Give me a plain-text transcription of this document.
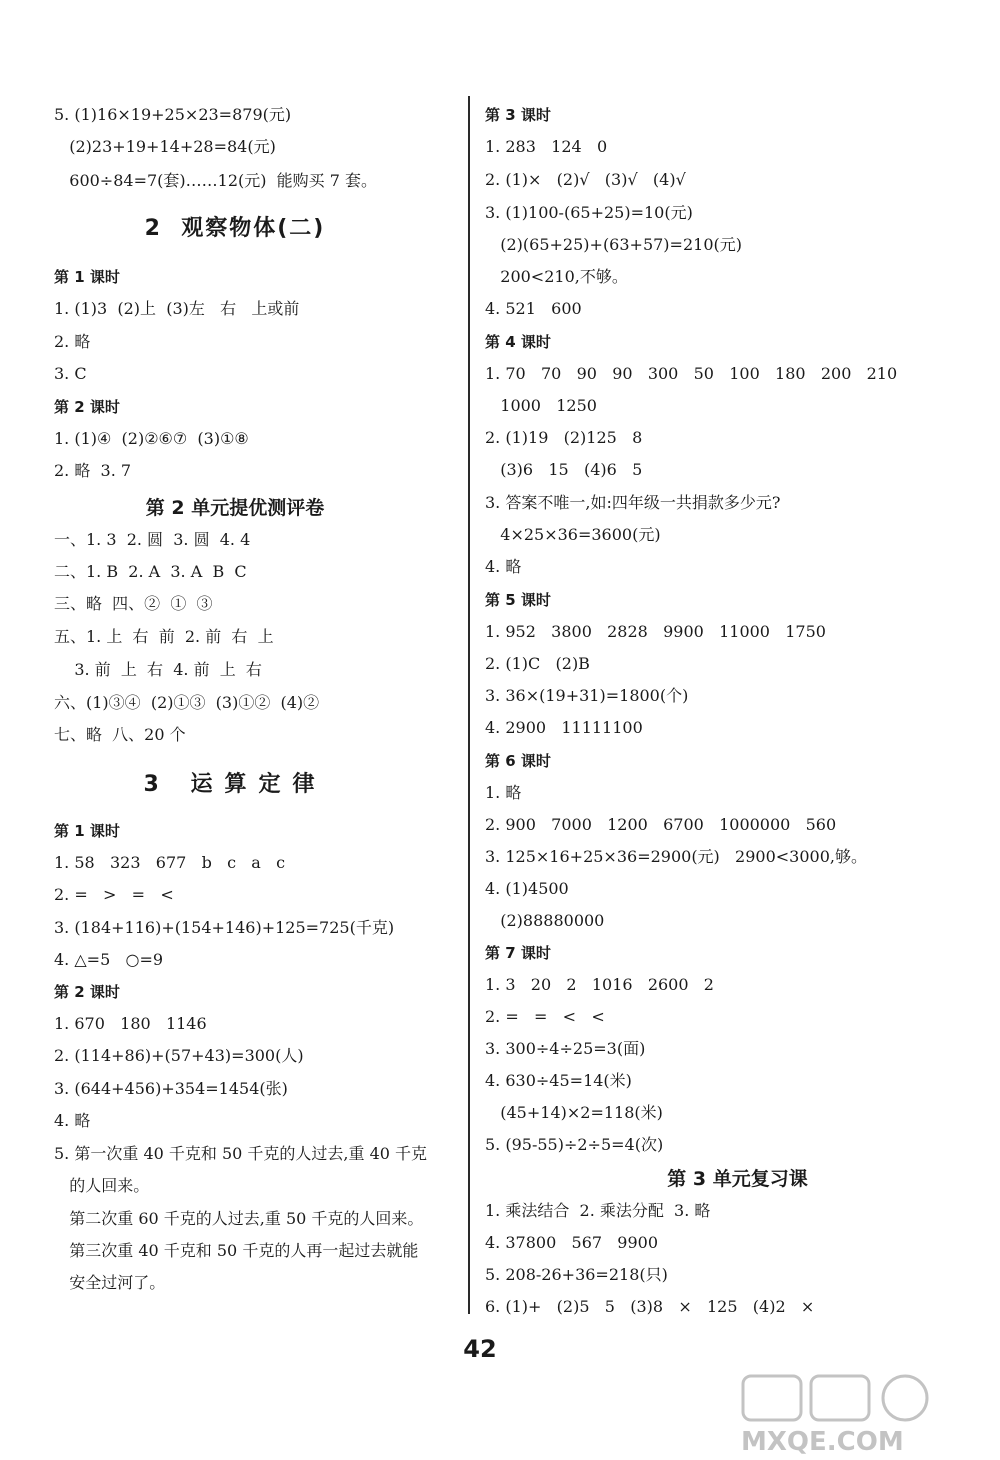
5. (1)16×19+25×23=879(元)
(2)23+19+14+28=84(元)
600÷84=7(套)……12(元)  能购买 7 套。
2  观察物体(二)
第 1 课时
1. (1)3  (2)上  (3)左   右   上或前
2. 略
3. C
第 2 课时
1. (1)④  (2)②⑥⑦  (3)①⑧
2. 略  3. 7
第 2 单元提优测评卷
一、1. 3  2. 圆  3. 圆  4. 4
二、1. B  2. A  3. A  B  C
三、略  四、②  ①  ③
五、1. 上  右  前  2. 前  右  上
3. 前  上  右  4. 前  上  右
六、(1)③④  (2)①③  (3)①②  (4)②
七、略  八、20 个
3 运算定律
第 1 课时
1. 58   323   677   b   c   a   c
2. =   >   =   <
3. (184+116)+(154+146)+125=725(千克)
4. △=5   ○=9
第 2 课时
1. 670   180   1146
2. (114+86)+(57+43)=300(人)
3. (644+456)+354=1454(张)
4. 略
5. 第一次重 40 千克和 50 千克的人过去,重 40 千克
的人回来。
第二次重 60 千克的人过去,重 50 千克的人回来。
第三次重 40 千克和 50 千克的人再一起过去就能
安全过河了。
第 3 课时
1. 283   124   0
2. (1)×   (2)√   (3)√   (4)√
3. (1)100-(65+25)=10(元)
(2)(65+25)+(63+57)=210(元)
200<210,不够。
4. 521   600
第 4 课时
1. 70   70   90   90   300   50   100   180   200   210
1000   1250
2. (1)19   (2)125   8
(3)6   15   (4)6   5
3. 答案不唯一,如:四年级一共捐款多少元?
4×25×36=3600(元)
4. 略
第 5 课时
1. 952   3800   2828   9900   11000   1750
2. (1)C   (2)B
3. 36×(19+31)=1800(个)
4. 2900   11111100
第 6 课时
1. 略
2. 900   7000   1200   6700   1000000   560
3. 125×16+25×36=2900(元)   2900<3000,够。
4. (1)4500
(2)88880000
第 7 课时
1. 3   20   2   1016   2600   2
2. =   =   <   <
3. 300÷4÷25=3(面)
4. 630÷45=14(米)
(45+14)×2=118(米)
5. (95-55)÷2÷5=4(次)
第 3 单元复习课
1. 乘法结合  2. 乘法分配  3. 略
4. 37800   567   9900
5. 208-26+36=218(只)
6. (1)+   (2)5   5   (3)8   ×   125   (4)2   ×
42
MXQE.COM
